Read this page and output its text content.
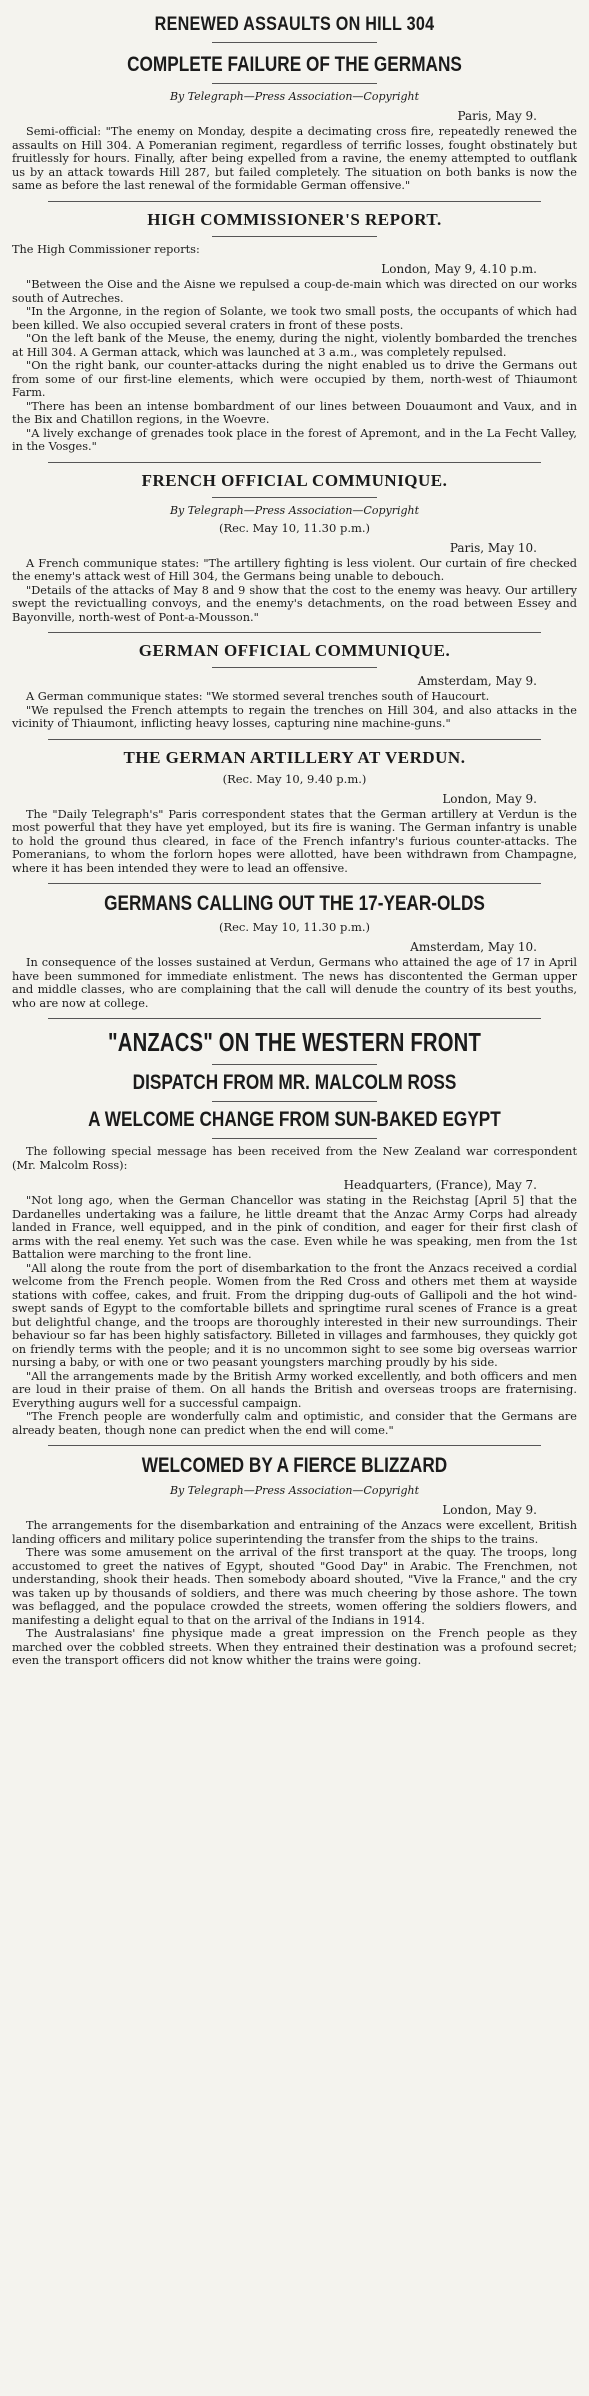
RENEWED ASSAULTS ON HILL 304
COMPLETE FAILURE OF THE GERMANS
By Telegraph—Press Association—Copyright
Paris, May 9.

Semi-official: "The enemy on Monday, despite a decimating cross fire, repeatedly renewed the assaults on Hill 304. A Pomeranian regiment, regardless of terrific losses, fought obstinately but fruitlessly for hours. Finally, after being expelled from a ravine, the enemy attempted to outflank us by an attack towards Hill 287, but failed completely. The situation on both banks is now the same as before the last renewal of the formidable German offensive."

HIGH COMMISSIONER'S REPORT.

The High Commissioner reports:

London, May 9, 4.10 p.m.

"Between the Oise and the Aisne we repulsed a coup-de-main which was directed on our works south of Autreches.

"In the Argonne, in the region of Solante, we took two small posts, the occupants of which had been killed. We also occupied several craters in front of these posts.

"On the left bank of the Meuse, the enemy, during the night, violently bombarded the trenches at Hill 304. A German attack, which was launched at 3 a.m., was completely repulsed.

"On the right bank, our counter-attacks during the night enabled us to drive the Germans out from some of our first-line elements, which were occupied by them, north-west of Thiaumont Farm.

"There has been an intense bombardment of our lines between Douaumont and Vaux, and in the Bix and Chatillon regions, in the Woevre.

"A lively exchange of grenades took place in the forest of Apremont, and in the La Fecht Valley, in the Vosges."

FRENCH OFFICIAL COMMUNIQUE.
By Telegraph—Press Association—Copyright
(Rec. May 10, 11.30 p.m.)
Paris, May 10.

A French communique states: "The artillery fighting is less violent. Our curtain of fire checked the enemy's attack west of Hill 304, the Germans being unable to debouch.

"Details of the attacks of May 8 and 9 show that the cost to the enemy was heavy. Our artillery swept the revictualling convoys, and the enemy's detachments, on the road between Essey and Bayonville, north-west of Pont-a-Mousson."

GERMAN OFFICIAL COMMUNIQUE.
Amsterdam, May 9.

A German communique states: "We stormed several trenches south of Haucourt.

"We repulsed the French attempts to regain the trenches on Hill 304, and also attacks in the vicinity of Thiaumont, inflicting heavy losses, capturing nine machine-guns."

THE GERMAN ARTILLERY AT VERDUN.
(Rec. May 10, 9.40 p.m.)
London, May 9.

The "Daily Telegraph's" Paris correspondent states that the German artillery at Verdun is the most powerful that they have yet employed, but its fire is waning. The German infantry is unable to hold the ground thus cleared, in face of the French infantry's furious counter-attacks. The Pomeranians, to whom the forlorn hopes were allotted, have been withdrawn from Champagne, where it has been intended they were to lead an offensive.

GERMANS CALLING OUT THE 17-YEAR-OLDS
(Rec. May 10, 11.30 p.m.)
Amsterdam, May 10.

In consequence of the losses sustained at Verdun, Germans who attained the age of 17 in April have been summoned for immediate enlistment. The news has discontented the German upper and middle classes, who are complaining that the call will denude the country of its best youths, who are now at college.

"ANZACS" ON THE WESTERN FRONT
DISPATCH FROM MR. MALCOLM ROSS
A WELCOME CHANGE FROM SUN-BAKED EGYPT

The following special message has been received from the New Zealand war correspondent (Mr. Malcolm Ross):

Headquarters, (France), May 7.

"Not long ago, when the German Chancellor was stating in the Reichstag [April 5] that the Dardanelles undertaking was a failure, he little dreamt that the Anzac Army Corps had already landed in France, well equipped, and in the pink of condition, and eager for their first clash of arms with the real enemy. Yet such was the case. Even while he was speaking, men from the 1st Battalion were marching to the front line.

"All along the route from the port of disembarkation to the front the Anzacs received a cordial welcome from the French people. Women from the Red Cross and others met them at wayside stations with coffee, cakes, and fruit. From the dripping dug-outs of Gallipoli and the hot wind-swept sands of Egypt to the comfortable billets and springtime rural scenes of France is a great but delightful change, and the troops are thoroughly interested in their new surroundings. Their behaviour so far has been highly satisfactory. Billeted in villages and farmhouses, they quickly got on friendly terms with the people; and it is no uncommon sight to see some big overseas warrior nursing a baby, or with one or two peasant youngsters marching proudly by his side.

"All the arrangements made by the British Army worked excellently, and both officers and men are loud in their praise of them. On all hands the British and overseas troops are fraternising. Everything augurs well for a successful campaign.

"The French people are wonderfully calm and optimistic, and consider that the Germans are already beaten, though none can predict when the end will come."

WELCOMED BY A FIERCE BLIZZARD
By Telegraph—Press Association—Copyright
London, May 9.

The arrangements for the disembarkation and entraining of the Anzacs were excellent, British landing officers and military police superintending the transfer from the ships to the trains.

There was some amusement on the arrival of the first transport at the quay. The troops, long accustomed to greet the natives of Egypt, shouted "Good Day" in Arabic. The Frenchmen, not understanding, shook their heads. Then somebody aboard shouted, "Vive la France," and the cry was taken up by thousands of soldiers, and there was much cheering by those ashore. The town was beflagged, and the populace crowded the streets, women offering the soldiers flowers, and manifesting a delight equal to that on the arrival of the Indians in 1914.

The Australasians' fine physique made a great impression on the French people as they marched over the cobbled streets. When they entrained their destination was a profound secret; even the transport officers did not know whither the trains were going.
